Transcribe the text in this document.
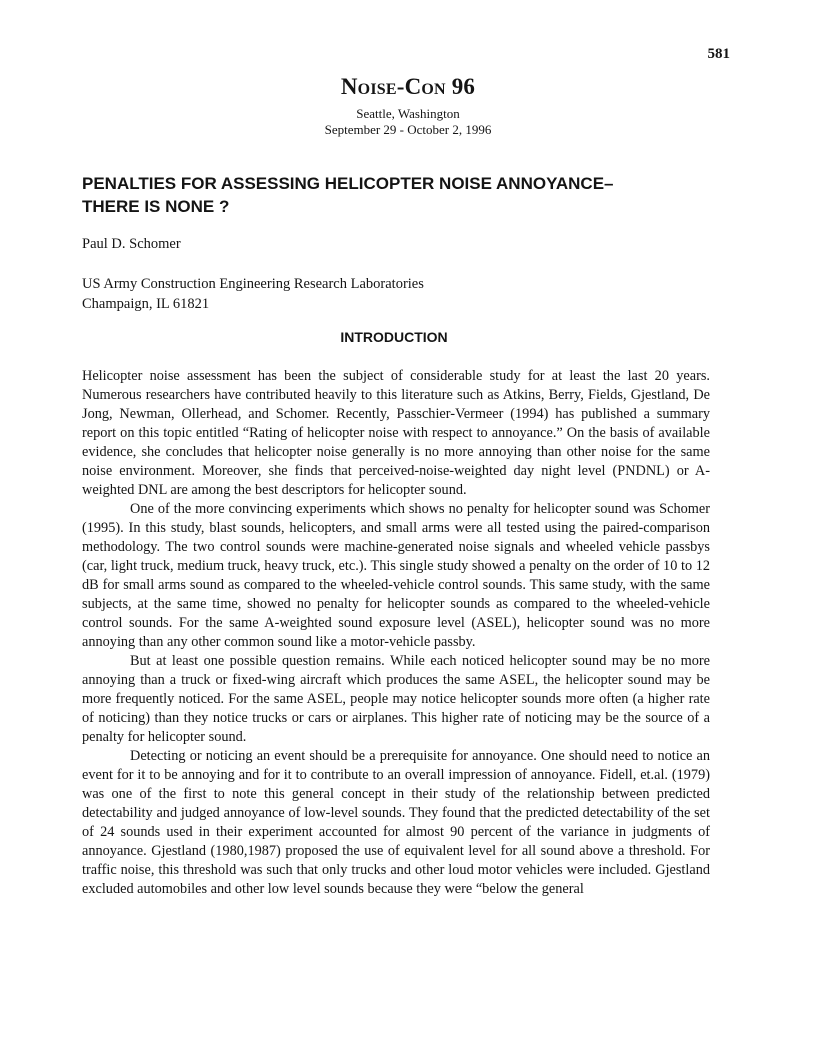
581
Noise-Con 96
Seattle, Washington
September 29 - October 2, 1996
PENALTIES FOR ASSESSING HELICOPTER NOISE ANNOYANCE–
THERE IS NONE ?
Paul D. Schomer
US Army Construction Engineering Research Laboratories
Champaign, IL 61821
INTRODUCTION

Helicopter noise assessment has been the subject of considerable study for at least the last 20 years. Numerous researchers have contributed heavily to this literature such as Atkins, Berry, Fields, Gjestland, De Jong, Newman, Ollerhead, and Schomer. Recently, Passchier-Vermeer (1994) has published a summary report on this topic entitled “Rating of helicopter noise with respect to annoyance.” On the basis of available evidence, she concludes that helicopter noise generally is no more annoying than other noise for the same noise environment. Moreover, she finds that perceived-noise-weighted day night level (PNDNL) or A-weighted DNL are among the best descriptors for helicopter sound.

One of the more convincing experiments which shows no penalty for helicopter sound was Schomer (1995). In this study, blast sounds, helicopters, and small arms were all tested using the paired-comparison methodology. The two control sounds were machine-generated noise signals and wheeled vehicle passbys (car, light truck, medium truck, heavy truck, etc.). This single study showed a penalty on the order of 10 to 12 dB for small arms sound as compared to the wheeled-vehicle control sounds. This same study, with the same subjects, at the same time, showed no penalty for helicopter sounds as compared to the wheeled-vehicle control sounds. For the same A-weighted sound exposure level (ASEL), helicopter sound was no more annoying than any other common sound like a motor-vehicle passby.

But at least one possible question remains. While each noticed helicopter sound may be no more annoying than a truck or fixed-wing aircraft which produces the same ASEL, the helicopter sound may be more frequently noticed. For the same ASEL, people may notice helicopter sounds more often (a higher rate of noticing) than they notice trucks or cars or airplanes. This higher rate of noticing may be the source of a penalty for helicopter sound.

Detecting or noticing an event should be a prerequisite for annoyance. One should need to notice an event for it to be annoying and for it to contribute to an overall impression of annoyance. Fidell, et.al. (1979) was one of the first to note this general concept in their study of the relationship between predicted detectability and judged annoyance of low-level sounds. They found that the predicted detectability of the set of 24 sounds used in their experiment accounted for almost 90 percent of the variance in judgments of annoyance. Gjestland (1980,1987) proposed the use of equivalent level for all sound above a threshold. For traffic noise, this threshold was such that only trucks and other loud motor vehicles were included. Gjestland excluded automobiles and other low level sounds because they were “below the general
